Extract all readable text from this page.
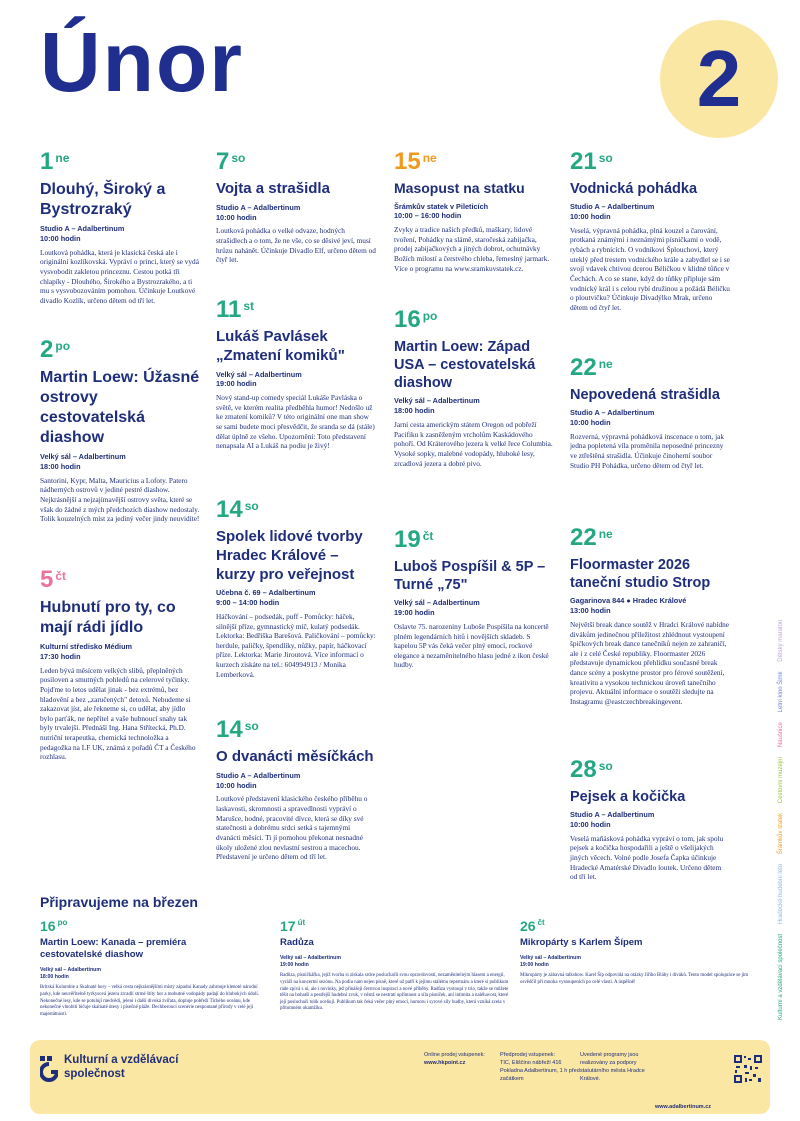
Únor	2
1 $^{ne}$
Dlouhý, Široký a Bystrozraký
Studio A – Adalbertinum
10:00 hodin
Loutková pohádka, která je klasická česká ale i originální kozlíkovská. Vypráví o princi, který se vydá vysvobodit zakletou princeznu. Cestou potká tři chlapíky - Dlouhého, Širokého a Bystrozrakého, a ti mu s vysvobozováním pomohou. Účinkuje Loutkové divadlo Kozlík, určeno dětem od tří let.
2 $^{po}$
Martin Loew: Úžasné ostrovy cestovatelská diashow
Velký sál – Adalbertinum
18:00 hodin
Santorini, Kypr, Malta, Mauricius a Lofoty. Patero nádherných ostrovů v jediné pestré diashow. Nejkrásnější a nejzajímavější ostrovy světa, které se však do žádné z mých předchozích diashow nedostaly. Tolik kouzelných míst za jediný večer jindy neuvidíte!
5 $^{čt}$
Hubnutí pro ty, co mají rádi jídlo
Kulturní středisko Médium
17:30 hodin
Leden bývá měsícem velkých slibů, přeplněných posiloven a smutných pohledů na celerové tyčinky. Pojďme to letos udělat jinak - bez extrémů, bez hladovění a bez „zaručených" detoxů. Nebudeme si zakazovat jíst, ale řekneme si, co udělat, aby jídlo bylo parťák, ne nepřítel a vaše hubnoucí snahy tak byly trvalejší. Přednáší Ing. Hana Střítecká, Ph.D. nutriční terapeutka, chemická technoložka a pedagožka na LF UK, známá z pořadů ČT a Českého rozhlasu.
7 $^{so}$
Vojta a strašidla
Studio A – Adalbertinum
10:00 hodin
Loutková pohádka o velké odvaze, hodných strašidlech a o tom, že ne vše, co se děsivé jeví, musí hrůzu nahánět. Účinkuje Divadlo Elf, určeno dětem od čtyř let.
11 $^{st}$
Lukáš Pavlásek „Zmatení komiků"
Velký sál – Adalbertinum
19:00 hodin
Nový stand-up comedy speciál Lukáše Pavláska o světě, ve kterém realita předběhla humor! Nedošlo už ke zmatení komiků? V této originální one man show se sami budete moci přesvědčit, že sranda se dá (stále) dělat úplně ze všeho. Upozornění: Toto představení nenapsala AI a Lukáš na podiu je živý!
14 $^{so}$
Spolek lidové tvorby Hradec Králové – kurzy pro veřejnost
Učebna č. 69 – Adalbertinum
9:00 – 14:00 hodin
Háčkování – podsedák, puff - Pomůcky: háček, silnější příze, gymnastický míč, kulatý podsedák. Lektorka: Bedřiška Barešová. Paličkování – pomůcky: herdule, paličky, špendlíky, nůžky, papír, háčkovací příze. Lektorka: Marie Jiroutová. Více informací o kurzech získáte na tel.: 604994913 / Monika Lemberková.
14 $^{so}$
O dvanácti měsíčkách
Studio A – Adalbertinum
10:00 hodin
Loutkové představení klasického českého příběhu o laskavosti, skromnosti a spravedlnosti vypráví o Marušce, hodné, pracovité dívce, která se díky své statečnosti a dobrému srdci setká s tajemnými dvanácti měsíci. Ti jí pomohou překonat nesnadné úkoly uložené zlou nevlastní sestrou a macechou. Představení je určeno dětem od tří let.
15 $^{ne}$
Masopust na statku
Šrámkův statek v Pileticích
10:00 – 16:00 hodin
Zvyky a tradice našich předků, maškary, lidové tvoření, Pohádky na slámě, staročeská zabijačka, prodej zabijačkových a jiných dobrot, ochutnávky Božích milostí a čerstvého chleba, řemeslný jarmark. Více o programu na www.sramkuvstatek.cz.
16 $^{po}$
Martin Loew: Západ USA – cestovatelská diashow
Velký sál – Adalbertinum
18:00 hodin
Jarní cesta americkým státem Oregon od pobřeží Pacifiku k zasněženým vrcholům Kaskádového pohoří. Od Kráterového jezera k velké řece Columbia. Vysoké sopky, malebné vodopády, hluboké lesy, zrcadlová jezera a dobré pivo.
19 $^{čt}$
Luboš Pospíšil & 5P – Turné „75"
Velký sál – Adalbertinum
19:00 hodin
Oslavte 75. narozeniny Luboše Pospíšila na koncertě plném legendárních hitů i novějších skladeb. S kapelou 5P vás čeká večer plný emocí, rockové elegance a nezaměnitelného hlasu jedné z ikon české hudby.
21 $^{so}$
Vodnická pohádka
Studio A – Adalbertinum
10:00 hodin
Veselá, výpravná pohádka, plná kouzel a čarování, protkaná známými i neznámými písničkami o vodě, rybách a rybnících. O vodníkovi Šplouchovi, který uteklý před trestem vodnického krále a zabydlel se i se svojí vdavek chtivou dcerou Béličkou v klidné tůňce v Čechách. A co se stane, když do tůňky připluje sám vodnický král i s celou rybí družinou a požádá Béličku o ploutvičku? Účinkuje Divadýlko Mrak, určeno dětem od čtyř let.
22 $^{ne}$
Nepovedená strašidla
Studio A – Adalbertinum
10:00 hodin
Rozverná, výpravná pohádková inscenace o tom, jak jedna popletená víla proměnila neposedné princezny ve ztřeštěná strašidla. Účinkuje činoherní soubor Studio PH Pohádka, určeno dětem od čtyř let.
22 $^{ne}$
Floormaster 2026 taneční studio Strop
Gagarinova 844 ● Hradec Králové
13:00 hodin
Největší break dance soutěž v Hradci Králové nabídne divákům jedinečnou příležitost zhlédnout vystoupení špičkových break dance tanečníků nejen ze zahraničí, ale i z celé České republiky. Floormaster 2026 představuje dynamickou přehlídku současné break dance scény a poskytne prostor pro férové soutěžení, kreativitu a vysokou technickou úroveň tanečního projevu. Aktuální informace o soutěži sledujte na Instagramu @eastczechbreakingevent.
28 $^{so}$
Pejsek a kočička
Studio A – Adalbertinum
10:00 hodin
Veselá maňásková pohádka vypráví o tom, jak spolu pejsek a kočička hospodařili a ještě o všelijakých jiných věcech. Volné podle Josefa Čapka účinkuje Hradecké Amatérské Divadlo loutek. Určeno dětem od tří let.
Kulturní a vzdělávací společnost Hradecké hudební léto Šrámkův statek Cestovní muzejní Náušnice Letní kino Šimk Dětský maraton
Připravujeme na březen
16 $^{po}$
Martin Loew: Kanada – premiéra cestovatelské diashow
Velký sál – Adalbertinum
18:00 hodin
Britská Kolumbie a Skalnaté hory – velká cesta nejkrásnějšími místy západní Kanady zahrnuje klenoté národní parky, kde neuvěřitelně tyrkysová jezera zrcadlí strmé štíty hor a mohutné vodopády padají do hlubokých údolí. Nekonečné lesy, kde se potulují medvědi, jeleni i další divoká zvířata, dopluje pobřeží Tichého oceánu, kde nekonečné vlnobití bičuje skalnaté útesy i písečné pláže. Dechberoucí scenérie nespoutané přírody v celé její majestátnosti.
17 $^{út}$
Radůza
Velký sál – Adalbertinum
19:00 hodin
Radůza, písničkářka, jejíž tvorba si získala srdce posluchačů svou opravdovostí, nezaměnitelným hlasem a energií, vyráží na koncertní sezónu. Na podiu nám nejen písně, které už patří k jejímu stálému repertoáru a které si publikum ráde zpívá s ní, ale i novinky, jež přinášejí čerstvou inspiraci a nové příběhy. Radůza vystoupí v trio, takže se můžete těšit na bohatší a pestřejší hudební zvuk, v němž se nestratí upřímnost a síla písniček, ani intimita a naléhavost, které její posluchači tolik oceňují. Publikum tak čeká večer plný emocí, humoru i syrové síly hudby, která vzniká zcela v přítomném okamžiku.
26 $^{čt}$
Mikropárty s Karlem Šípem
Velký sál – Adalbertinum
19:00 hodin
Mikropárty je zábavná talkshow. Karel Šíp odpovídá na otázky Jiřího Bláby i diváků. Tento model spolupráce se jim osvědčil při mnoha vystoupeních po celé vlasti. A úspěšně!
Kulturní a vzdělávací
společnost
Online prodej vstupenek:
www.hkpoint.cz
Předprodej vstupenek:
TIC, Eliščino nábřeží 416 Pokladna Adalbertinum, 1 h před začátkem
Uvedené programy jsou realizovány za podpory statutárního města Hradce Králové.
www.adalbertinum.cz
